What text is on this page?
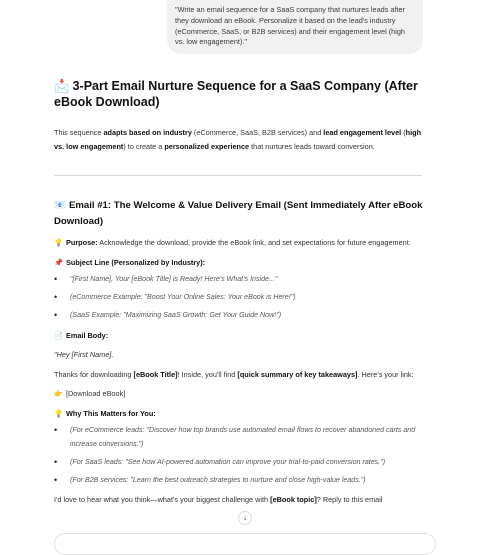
"Write an email sequence for a SaaS company that nurtures leads after they download an eBook. Personalize it based on the lead's industry (eCommerce, SaaS, or B2B services) and their engagement level (high vs. low engagement)."
📩 3-Part Email Nurture Sequence for a SaaS Company (After eBook Download)
This sequence adapts based on industry (eCommerce, SaaS, B2B services) and lead engagement level (high vs. low engagement) to create a personalized experience that nurtures leads toward conversion.
📧 Email #1: The Welcome & Value Delivery Email (Sent Immediately After eBook Download)
💡 Purpose: Acknowledge the download, provide the eBook link, and set expectations for future engagement.
📌 Subject Line (Personalized by Industry):
• "[First Name], Your [eBook Title] is Ready! Here's What's Inside..."
• (eCommerce Example: "Boost Your Online Sales: Your eBook is Here!")
• (SaaS Example: "Maximizing SaaS Growth: Get Your Guide Now!")
📄 Email Body:
"Hey [First Name],
Thanks for downloading [eBook Title]! Inside, you'll find [quick summary of key takeaways]. Here's your link:
👉 [Download eBook]
💡 Why This Matters for You:
• (For eCommerce leads: "Discover how top brands use automated email flows to recover abandoned carts and increase conversions.")
• (For SaaS leads: "See how AI-powered automation can improve your trial-to-paid conversion rates.")
• (For B2B services: "Learn the best outreach strategies to nurture and close high-value leads.")
I'd love to hear what you think—what's your biggest challenge with [eBook topic]? Reply to this email
↓
